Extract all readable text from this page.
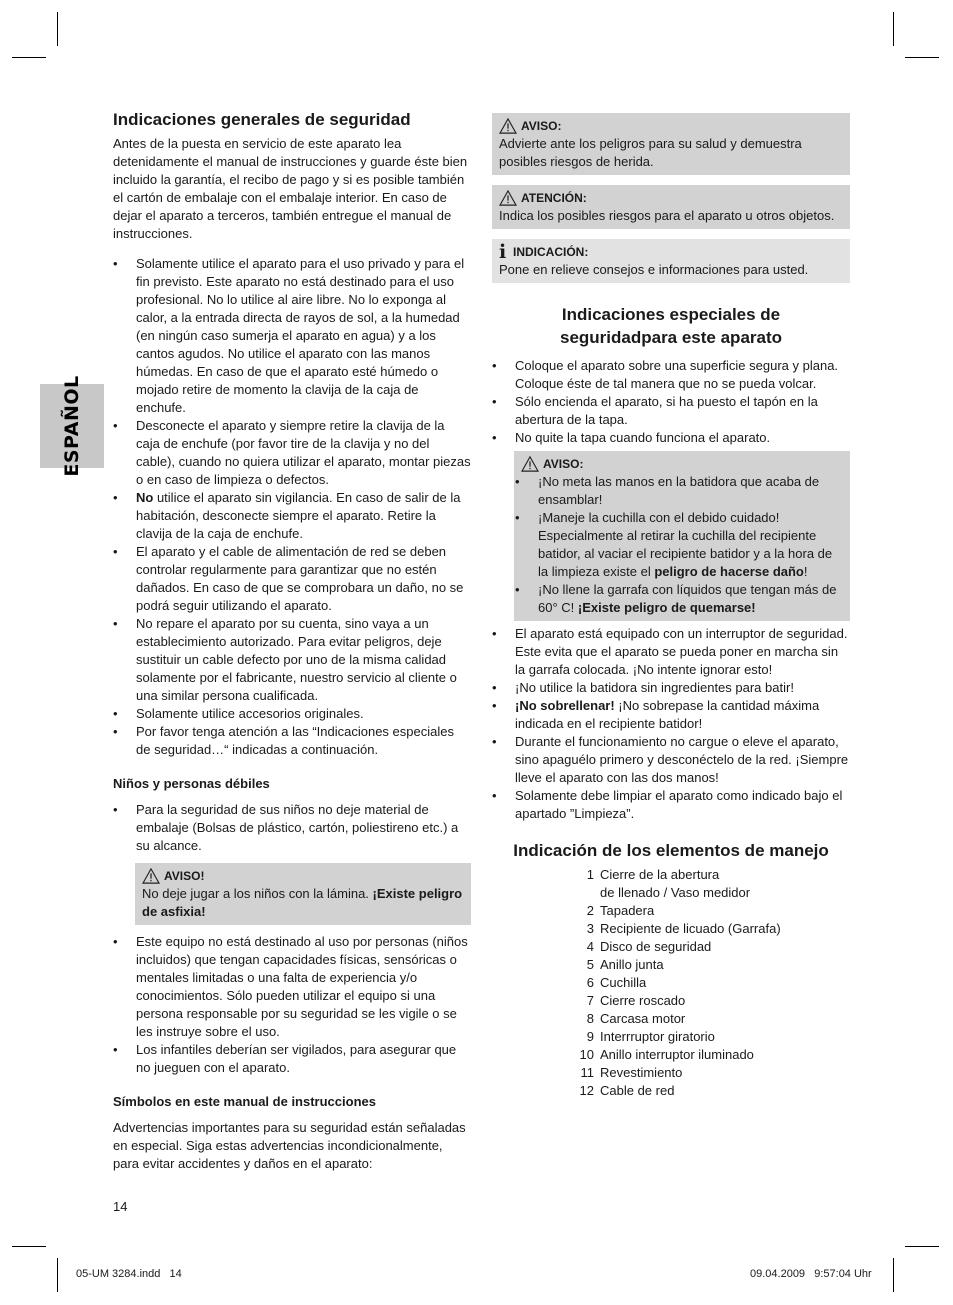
ESPAÑOL
Indicaciones generales de seguridad

Antes de la puesta en servicio de este aparato lea detenidamente el manual de instrucciones y guarde éste bien incluido la garantía, el recibo de pago y si es posible también el cartón de embalaje con el embalaje interior. En caso de dejar el aparato a terceros, también entregue el manual de instrucciones.

• Solamente utilice el aparato para el uso privado y para el fin previsto. Este aparato no está destinado para el uso profesional. No lo utilice al aire libre. No lo exponga al calor, a la entrada directa de rayos de sol, a la humedad (en ningún caso sumerja el aparato en agua) y a los cantos agudos. No utilice el aparato con las manos húmedas. En caso de que el aparato esté húmedo o mojado retire de momento la clavija de la caja de enchufe.
• Desconecte el aparato y siempre retire la clavija de la caja de enchufe (por favor tire de la clavija y no del cable), cuando no quiera utilizar el aparato, montar piezas o en caso de limpieza o defectos.
• No utilice el aparato sin vigilancia. En caso de salir de la habitación, desconecte siempre el aparato. Retire la clavija de la caja de enchufe.
• El aparato y el cable de alimentación de red se deben controlar regularmente para garantizar que no estén dañados. En caso de que se comprobara un daño, no se podrá seguir utilizando el aparato.
• No repare el aparato por su cuenta, sino vaya a un establecimiento autorizado. Para evitar peligros, deje sustituir un cable defecto por uno de la misma calidad solamente por el fabricante, nuestro servicio al cliente o una similar persona cualificada.
• Solamente utilice accesorios originales.
• Por favor tenga atención a las “Indicaciones especiales de seguridad…“ indicadas a continuación.
Niños y personas débiles
• Para la seguridad de sus niños no deje material de embalaje (Bolsas de plástico, cartón, poliestireno etc.) a su alcance.
AVISO!
No deje jugar a los niños con la lámina. ¡Existe peligro de asfixia!
• Este equipo no está destinado al uso por personas (niños incluidos) que tengan capacidades físicas, sensóricas o mentales limitadas o una falta de experiencia y/o conocimientos. Sólo pueden utilizar el equipo si una persona responsable por su seguridad se les vigile o se les instruye sobre el uso.
• Los infantiles deberían ser vigilados, para asegurar que no jueguen con el aparato.
Símbolos en este manual de instrucciones

Advertencias importantes para su seguridad están señaladas en especial. Siga estas advertencias incondicionalmente, para evitar accidentes y daños en el aparato:

AVISO:
Advierte ante los peligros para su salud y demuestra posibles riesgos de herida.
ATENCIÓN:
Indica los posibles riesgos para el aparato u otros objetos.
i INDICACIÓN:
Pone en relieve consejos e informaciones para usted.
Indicaciones especiales de seguridadpara este aparato
• Coloque el aparato sobre una superficie segura y plana. Coloque éste de tal manera que no se pueda volcar.
• Sólo encienda el aparato, si ha puesto el tapón en la abertura de la tapa.
• No quite la tapa cuando funciona el aparato.
AVISO:
• ¡No meta las manos en la batidora que acaba de ensamblar!
• ¡Maneje la cuchilla con el debido cuidado! Especialmente al retirar la cuchilla del recipiente batidor, al vaciar el recipiente batidor y a la hora de la limpieza existe el peligro de hacerse daño!
• ¡No llene la garrafa con líquidos que tengan más de 60° C! ¡Existe peligro de quemarse!
• El aparato está equipado con un interruptor de seguridad. Este evita que el aparato se pueda poner en marcha sin la garrafa colocada. ¡No intente ignorar esto!
• ¡No utilice la batidora sin ingredientes para batir!
• ¡No sobrellenar! ¡No sobrepase la cantidad máxima indicada en el recipiente batidor!
• Durante el funcionamiento no cargue o eleve el aparato, sino apaguélo primero y desconéctelo de la red. ¡Siempre lleve el aparato con las dos manos!
• Solamente debe limpiar el aparato como indicado bajo el apartado ”Limpieza”.
Indicación de los elementos de manejo
1 Cierre de la abertura
de llenado / Vaso medidor
2 Tapadera
3 Recipiente de licuado (Garrafa)
4 Disco de seguridad
5 Anillo junta
6 Cuchilla
7 Cierre roscado
8 Carcasa motor
9 Interrruptor giratorio
10 Anillo interruptor iluminado
11 Revestimiento
12 Cable de red
14
05-UM 3284.indd   14	09.04.2009   9:57:04 Uhr
